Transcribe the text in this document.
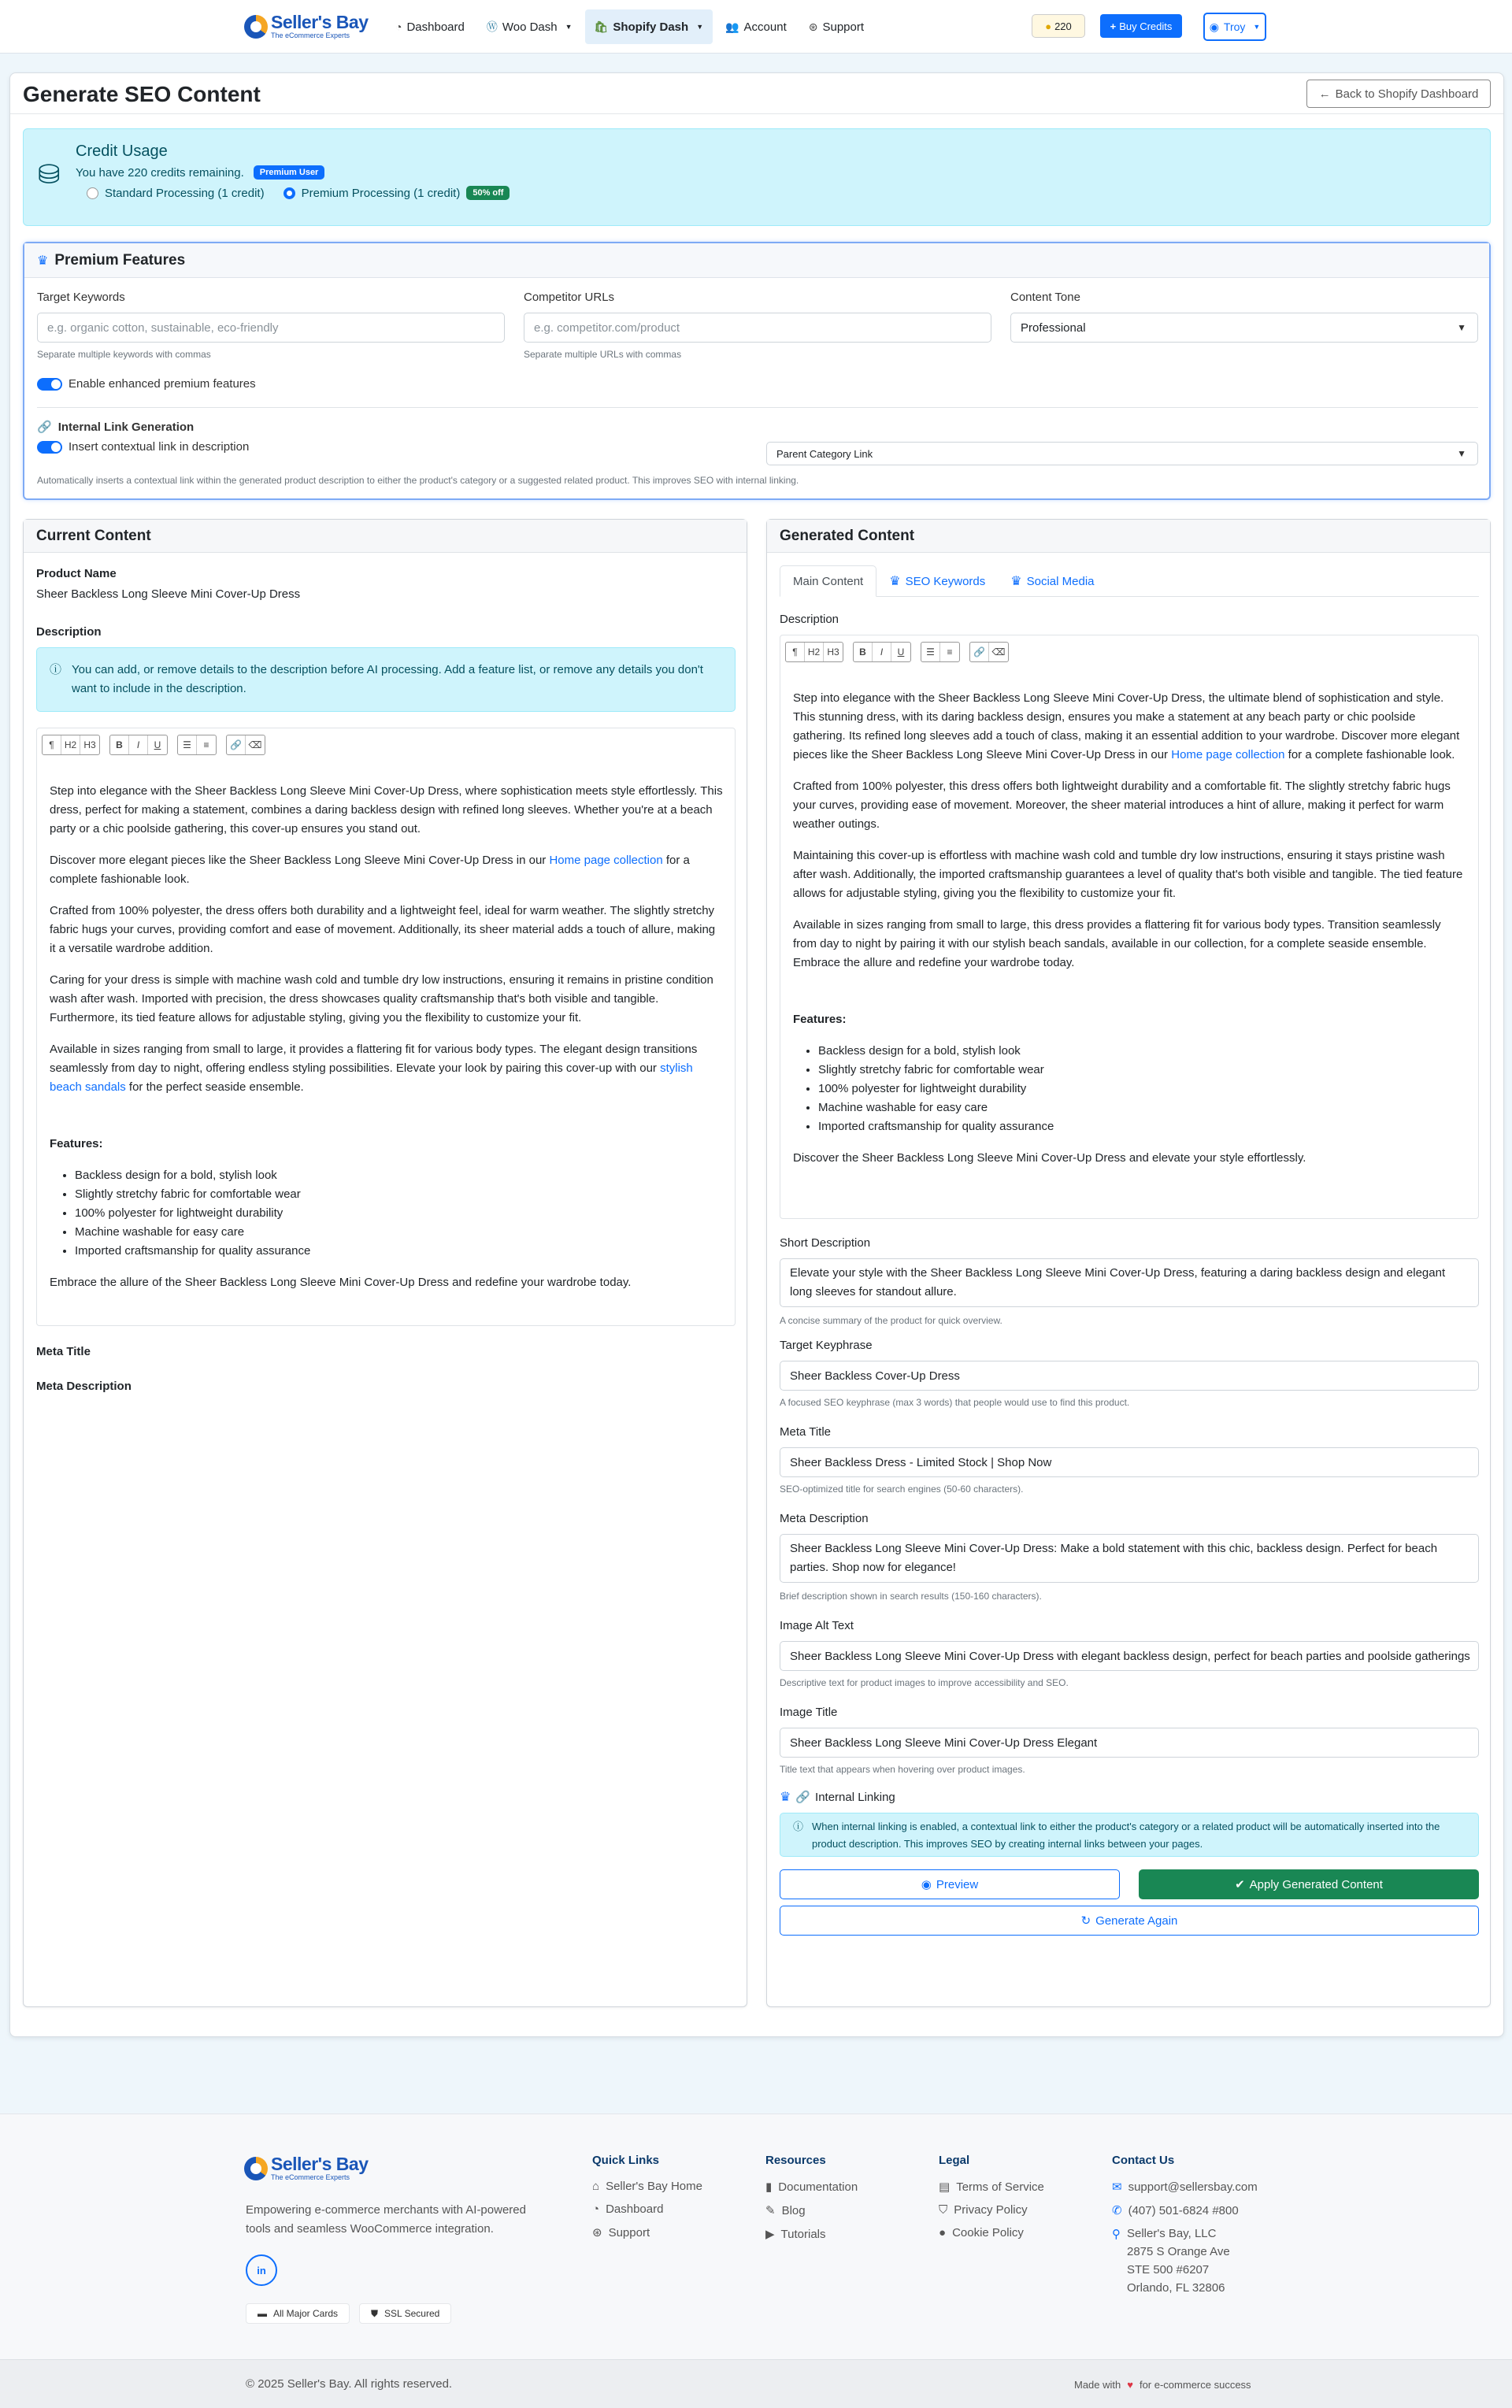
Seller's Bay
The eCommerce Experts
◔ Dashboard Ⓦ Woo Dash ▼ 🛍 Shopify Dash ▼ 👥 Account ⊛ Support	● 220	+ Buy Credits	◉ Troy ▼
Generate SEO Content	← Back to Shopify Dashboard
⛁
Credit Usage
You have 220 credits remaining.	Premium User
Standard Processing (1 credit)	Premium Processing (1 credit)	50% off
♛ Premium Features
Target Keywords
e.g. organic cotton, sustainable, eco-friendly
Separate multiple keywords with commas
Competitor URLs
e.g. competitor.com/product
Separate multiple URLs with commas
Content Tone
Professional	▼
Enable enhanced premium features
🔗 Internal Link Generation
Insert contextual link in description	Parent Category Link	▼
Automatically inserts a contextual link within the generated product description to either the product's category or a suggested related product. This improves SEO with internal linking.
Current Content
Product Name
Sheer Backless Long Sleeve Mini Cover-Up Dress
Description
ⓘ You can add, or remove details to the description before AI processing. Add a feature list, or remove any details you don't want to include in the description.
¶	H2 H3	B	I	U	☰	≡	🔗 ⌫

Step into elegance with the Sheer Backless Long Sleeve Mini Cover-Up Dress, where sophistication meets style effortlessly. This dress, perfect for making a statement, combines a daring backless design with refined long sleeves. Whether you're at a beach party or a chic poolside gathering, this cover-up ensures you stand out.

Discover more elegant pieces like the Sheer Backless Long Sleeve Mini Cover-Up Dress in our Home page collection for a complete fashionable look.

Crafted from 100% polyester, the dress offers both durability and a lightweight feel, ideal for warm weather. The slightly stretchy fabric hugs your curves, providing comfort and ease of movement. Additionally, its sheer material adds a touch of allure, making it a versatile wardrobe addition.

Caring for your dress is simple with machine wash cold and tumble dry low instructions, ensuring it remains in pristine condition wash after wash. Imported with precision, the dress showcases quality craftsmanship that's both visible and tangible. Furthermore, its tied feature allows for adjustable styling, giving you the flexibility to customize your fit.

Available in sizes ranging from small to large, it provides a flattering fit for various body types. The elegant design transitions seamlessly from day to night, offering endless styling possibilities. Elevate your look by pairing this cover-up with our stylish beach sandals for the perfect seaside ensemble.

Features:

• Backless design for a bold, stylish look
• Slightly stretchy fabric for comfortable wear
• 100% polyester for lightweight durability
• Machine washable for easy care
• Imported craftsmanship for quality assurance

Embrace the allure of the Sheer Backless Long Sleeve Mini Cover-Up Dress and redefine your wardrobe today.

Meta Title
Meta Description
Generated Content
Main Content ♛ SEO Keywords ♛ Social Media
Description
¶	H2 H3	B	I	U	☰	≡	🔗 ⌫

Step into elegance with the Sheer Backless Long Sleeve Mini Cover-Up Dress, the ultimate blend of sophistication and style. This stunning dress, with its daring backless design, ensures you make a statement at any beach party or chic poolside gathering. Its refined long sleeves add a touch of class, making it an essential addition to your wardrobe. Discover more elegant pieces like the Sheer Backless Long Sleeve Mini Cover-Up Dress in our Home page collection for a complete fashionable look.

Crafted from 100% polyester, this dress offers both lightweight durability and a comfortable fit. The slightly stretchy fabric hugs your curves, providing ease of movement. Moreover, the sheer material introduces a hint of allure, making it perfect for warm weather outings.

Maintaining this cover-up is effortless with machine wash cold and tumble dry low instructions, ensuring it stays pristine wash after wash. Additionally, the imported craftsmanship guarantees a level of quality that's both visible and tangible. The tied feature allows for adjustable styling, giving you the flexibility to customize your fit.

Available in sizes ranging from small to large, this dress provides a flattering fit for various body types. Transition seamlessly from day to night by pairing it with our stylish beach sandals, available in our collection, for a complete seaside ensemble. Embrace the allure and redefine your wardrobe today.

Features:

• Backless design for a bold, stylish look
• Slightly stretchy fabric for comfortable wear
• 100% polyester for lightweight durability
• Machine washable for easy care
• Imported craftsmanship for quality assurance

Discover the Sheer Backless Long Sleeve Mini Cover-Up Dress and elevate your style effortlessly.

Short Description
Elevate your style with the Sheer Backless Long Sleeve Mini Cover-Up Dress, featuring a daring backless design and elegant long sleeves for standout allure.
A concise summary of the product for quick overview.
Target Keyphrase
Sheer Backless Cover-Up Dress
A focused SEO keyphrase (max 3 words) that people would use to find this product.
Meta Title
Sheer Backless Dress - Limited Stock | Shop Now
SEO-optimized title for search engines (50-60 characters).
Meta Description
Sheer Backless Long Sleeve Mini Cover-Up Dress: Make a bold statement with this chic, backless design. Perfect for beach parties. Shop now for elegance!
Brief description shown in search results (150-160 characters).
Image Alt Text
Sheer Backless Long Sleeve Mini Cover-Up Dress with elegant backless design, perfect for beach parties and poolside gatherings
Descriptive text for product images to improve accessibility and SEO.
Image Title
Sheer Backless Long Sleeve Mini Cover-Up Dress Elegant
Title text that appears when hovering over product images.
♛ 🔗 Internal Linking
ⓘ When internal linking is enabled, a contextual link to either the product's category or a related product will be automatically inserted into the product description. This improves SEO by creating internal links between your pages.
◉ Preview	✔ Apply Generated Content
↻ Generate Again
Seller's Bay
The eCommerce Experts
Empowering e-commerce merchants with AI-powered tools and seamless WooCommerce integration.
in
▬ All Major Cards	⛊ SSL Secured
Quick Links
⌂ Seller's Bay Home
◔ Dashboard
⊛ Support
Resources
▮ Documentation
✎ Blog
▶ Tutorials
Legal
▤ Terms of Service
⛉ Privacy Policy
● Cookie Policy
Contact Us
✉ support@sellersbay.com
✆ (407) 501-6824 #800
⚲ Seller's Bay, LLC
2875 S Orange Ave
STE 500 #6207
Orlando, FL 32806
© 2025 Seller's Bay. All rights reserved.	Made with ♥ for e-commerce success
